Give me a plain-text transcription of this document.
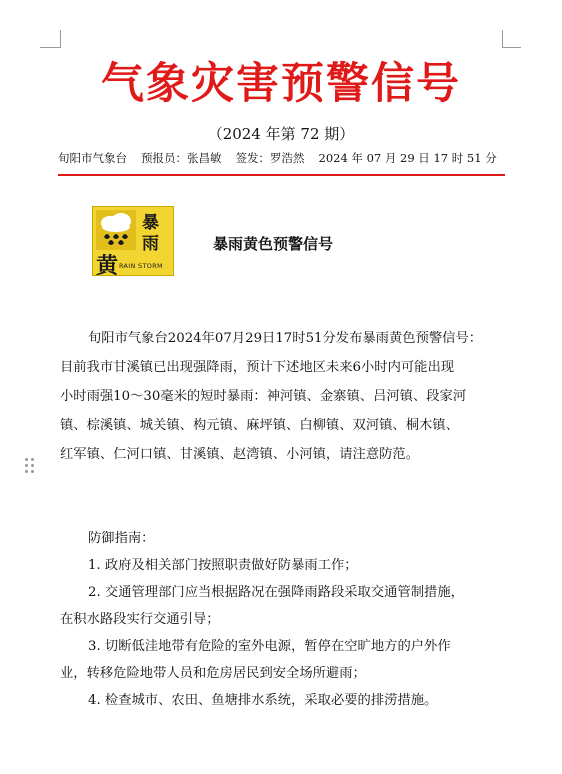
气象灾害预警信号
（2024 年第 72 期）
旬阳市气象台 预报员：张昌敏 签发：罗浩然 2024 年 07 月 29 日 17 时 51 分
暴
雨
黄 RAIN STORM
暴雨黄色预警信号
旬阳市气象台2024年07月29日17时51分发布暴雨黄色预警信号：
目前我市甘溪镇已出现强降雨，预计下述地区未来6小时内可能出现
小时雨强10～30毫米的短时暴雨：神河镇、金寨镇、吕河镇、段家河
镇、棕溪镇、城关镇、构元镇、麻坪镇、白柳镇、双河镇、桐木镇、
红军镇、仁河口镇、甘溪镇、赵湾镇、小河镇，请注意防范。
防御指南：
1. 政府及相关部门按照职责做好防暴雨工作；
2. 交通管理部门应当根据路况在强降雨路段采取交通管制措施，
在积水路段实行交通引导；
3. 切断低洼地带有危险的室外电源，暂停在空旷地方的户外作
业，转移危险地带人员和危房居民到安全场所避雨；
4. 检查城市、农田、鱼塘排水系统，采取必要的排涝措施。
